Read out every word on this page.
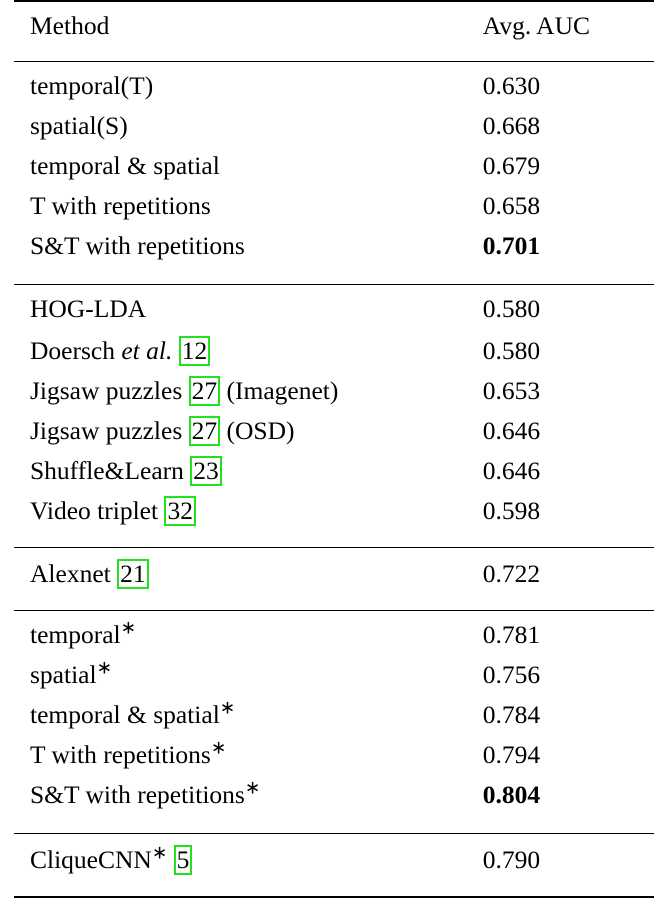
Method	Avg. AUC

temporal(T)	0.630
spatial(S)	0.668
temporal & spatial	0.679
T with repetitions	0.658
S&T with repetitions	0.701

HOG-LDA	0.580
Doersch et al. 12	0.580
Jigsaw puzzles 27 (Imagenet)	0.653
Jigsaw puzzles 27 (OSD)	0.646
Shuffle&Learn 23	0.646
Video triplet 32	0.598

Alexnet 21	0.722

temporal∗	0.781
spatial∗	0.756
temporal & spatial∗	0.784
T with repetitions∗	0.794
S&T with repetitions∗	0.804

CliqueCNN∗ 5	0.790
